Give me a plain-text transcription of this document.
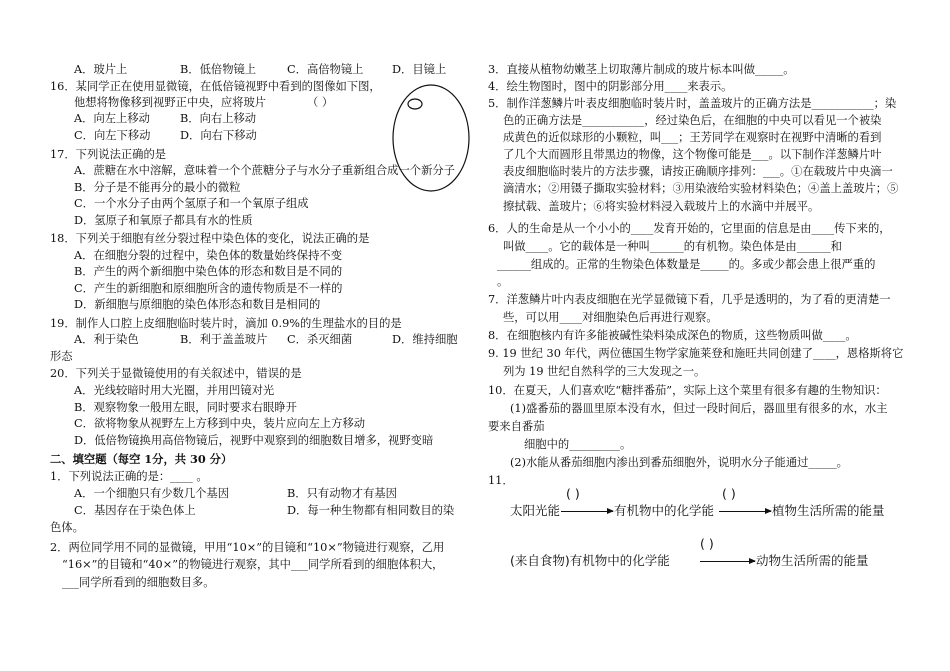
A．玻片上	B．低倍物镜上	C．高倍物镜上	D．目镜上
16．某同学正在使用显微镜，在低倍镜视野中看到的图像如下图，
他想将物像移到视野正中央，应将玻片	（ ）
A．向左上移动	B．向右上移动
C．向左下移动	D．向右下移动
17．下列说法正确的是
A．蔗糖在水中溶解，意味着一个个蔗糖分子与水分子重新组合成一个新分子
B．分子是不能再分的最小的微粒
C．一个水分子由两个氢原子和一个氧原子组成
D．氢原子和氧原子都具有水的性质
18．下列关于细胞有丝分裂过程中染色体的变化，说法正确的是
A．在细胞分裂的过程中，染色体的数量始终保持不变
B．产生的两个新细胞中染色体的形态和数目是不同的
C．产生的新细胞和原细胞所含的遗传物质是不一样的
D．新细胞与原细胞的染色体形态和数目是相同的
19．制作人口腔上皮细胞临时装片时，滴加 0.9%的生理盐水的目的是
A．利于染色	B．利于盖盖玻片 C．杀灭细菌	D．维持细胞
形态
20．下列关于显微镜使用的有关叙述中，错误的是
A．光线较暗时用大光圈，并用凹镜对光
B．观察物象一般用左眼，同时要求右眼睁开
C．欲将物象从视野左上方移到中央，装片应向左上方移动
D．低倍物镜换用高倍物镜后，视野中观察到的细胞数目增多，视野变暗
二、填空题（每空 1分，共 30 分）
1．下列说法正确的是：____ 。
A．一个细胞只有少数几个基因	B．只有动物才有基因
C．基因存在于染色体上	D．每一种生物都有相同数目的染
色体。
2．两位同学用不同的显微镜，甲用“10×”的目镜和“10×”物镜进行观察，乙用
“16×”的目镜和“40×”的物镜进行观察，其中___同学所看到的细胞体积大，
___同学所看到的细胞数目多。
3．直接从植物幼嫩茎上切取薄片制成的玻片标本叫做_____。
4．绘生物图时，图中的阴影部分用____来表示。
5．制作洋葱鳞片叶表皮细胞临时装片时，盖盖玻片的正确方法是___________；染
色的正确方法是___________，经过染色后，在细胞的中央可以看见一个被染
成黄色的近似球形的小颗粒，叫___；王芳同学在观察时在视野中清晰的看到
了几个大而圆形且带黑边的物像，这个物像可能是___。以下制作洋葱鳞片叶
表皮细胞临时装片的方法步骤，请按正确顺序排列：___。①在载玻片中央滴一
滴清水；②用镊子撕取实验材料；③用染液给实验材料染色；④盖上盖玻片；⑤
擦拭载、盖玻片；⑥将实验材料浸入载玻片上的水滴中并展平。
6．人的生命是从一个小小的____发育开始的，它里面的信息是由____传下来的，
叫做____。它的载体是一种叫______的有机物。染色体是由______和
______组成的。正常的生物染色体数量是_____的。多或少都会患上很严重的
。
7．洋葱鳞片叶内表皮细胞在光学显微镜下看，几乎是透明的，为了看的更清楚一
些，可以用____对细胞染色后再进行观察。
8．在细胞核内有许多能被碱性染料染成深色的物质，这些物质叫做____。
9. 19 世纪 30 年代，两位德国生物学家施莱登和施旺共同创建了____，恩格斯将它
列为 19 世纪自然科学的三大发现之一。
10．在夏天，人们喜欢吃“糖拌番茄”，实际上这个菜里有很多有趣的生物知识：
(1)盛番茄的器皿里原本没有水，但过一段时间后，器皿里有很多的水，水主
要来自番茄
细胞中的_________。
(2)水能从番茄细胞内渗出到番茄细胞外，说明水分子能通过_____。
11．
( )	( )
太阳光能	有机物中的化学能	植物生活所需的能量
( )
(来自食物)有机物中的化学能	动物生活所需的能量
